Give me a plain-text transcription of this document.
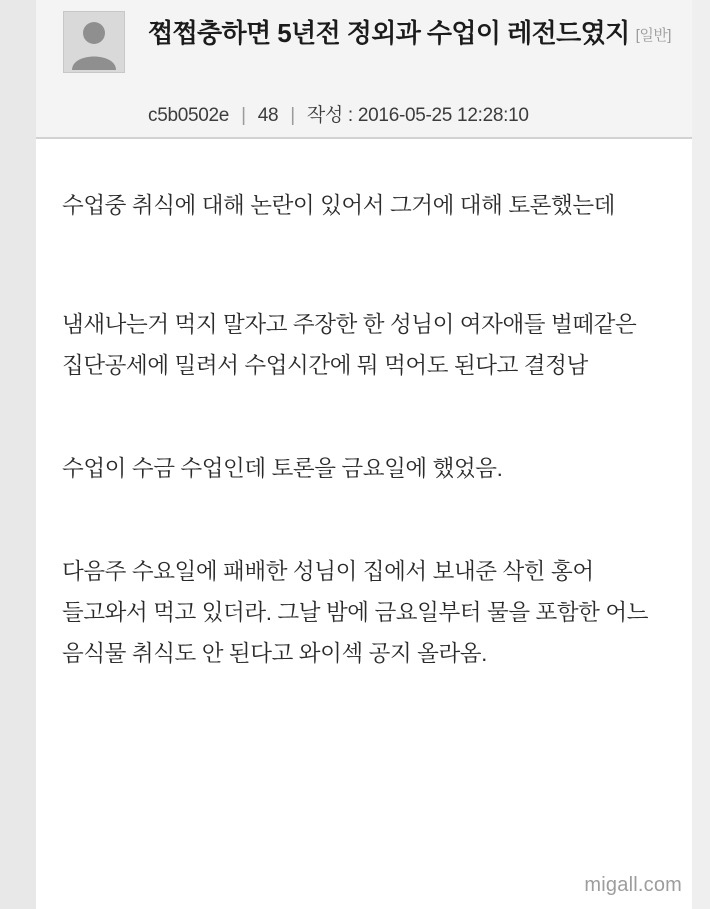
쩝쩝충하면 5년전 정외과 수업이 레전드였지 [일반]
c5b0502e | 48 | 작성 : 2016-05-25 12:28:10

수업중 취식에 대해 논란이 있어서 그거에 대해 토론했는데

냄새나는거 먹지 말자고 주장한 한 성님이 여자애들 벌떼같은 집단공세에 밀려서 수업시간에 뭐 먹어도 된다고 결정남

수업이 수금 수업인데 토론을 금요일에 했었음.

다음주 수요일에 패배한 성님이 집에서 보내준 삭힌 홍어 들고와서 먹고 있더라. 그날 밤에 금요일부터 물을 포함한 어느 음식물 취식도 안 된다고 와이섹 공지 올라옴.

migall.com
